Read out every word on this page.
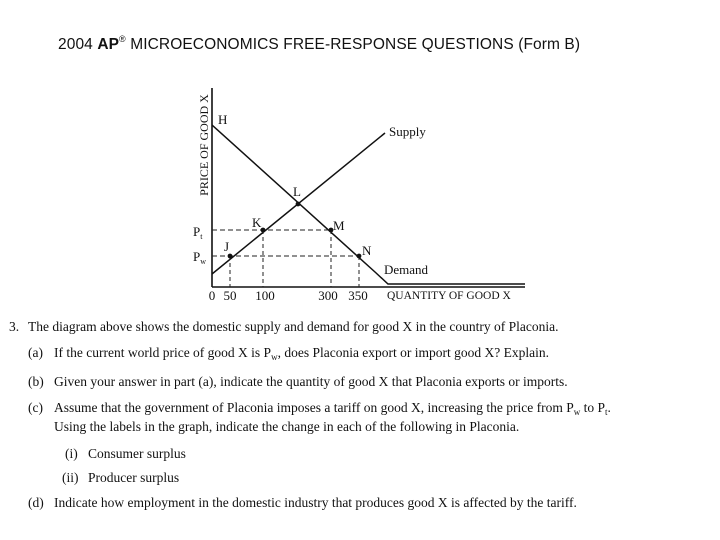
2004 AP® MICROECONOMICS FREE-RESPONSE QUESTIONS (Form B)
PRICE OF GOOD X H
L
K	M
J	N
Supply
Demand
$P_t$
$P_w$
0 50 100	300 350 QUANTITY OF GOOD X
3. The diagram above shows the domestic supply and demand for good X in the country of Placonia.
(a) If the current world price of good X is $P_w$, does Placonia export or import good X? Explain.
(b) Given your answer in part (a), indicate the quantity of good X that Placonia exports or imports.
(c) Assume that the government of Placonia imposes a tariff on good X, increasing the price from $P_w$ to $P_t$.
Using the labels in the graph, indicate the change in each of the following in Placonia.
(i) Consumer surplus
(ii) Producer surplus
(d) Indicate how employment in the domestic industry that produces good X is affected by the tariff.
